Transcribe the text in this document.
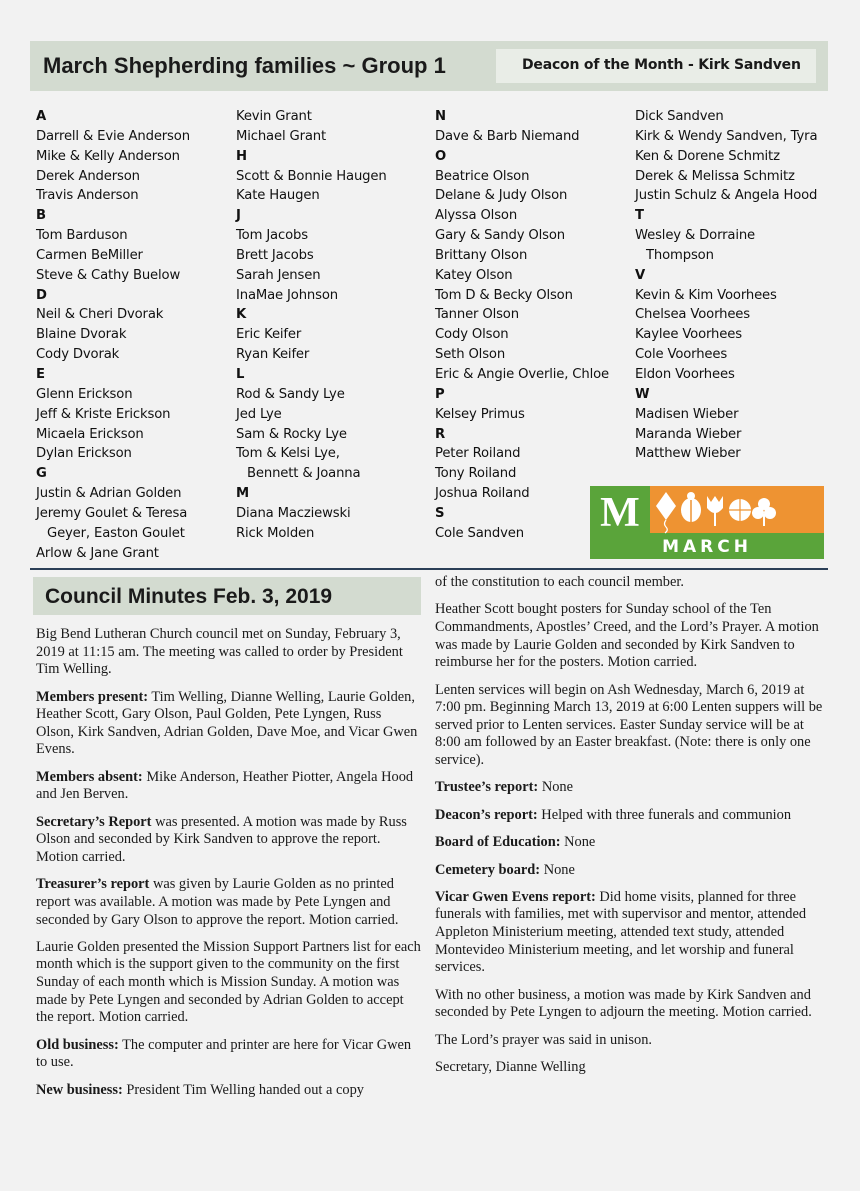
March Shepherding families ~ Group 1	Deacon of the Month - Kirk Sandven
A
Darrell & Evie Anderson
Mike & Kelly Anderson
Derek Anderson
Travis Anderson
B
Tom Barduson
Carmen BeMiller
Steve & Cathy Buelow
D
Neil & Cheri Dvorak
Blaine Dvorak
Cody Dvorak
E
Glenn Erickson
Jeff & Kriste Erickson
Micaela Erickson
Dylan Erickson
G
Justin & Adrian Golden
Jeremy Goulet & Teresa
Geyer, Easton Goulet
Arlow & Jane Grant
Kevin Grant
Michael Grant
H
Scott & Bonnie Haugen
Kate Haugen
J
Tom Jacobs
Brett Jacobs
Sarah Jensen
InaMae Johnson
K
Eric Keifer
Ryan Keifer
L
Rod & Sandy Lye
Jed Lye
Sam & Rocky Lye
Tom & Kelsi Lye,
Bennett & Joanna
M
Diana Macziewski
Rick Molden
N
Dave & Barb Niemand
O
Beatrice Olson
Delane & Judy Olson
Alyssa Olson
Gary & Sandy Olson
Brittany Olson
Katey Olson
Tom D & Becky Olson
Tanner Olson
Cody Olson
Seth Olson
Eric & Angie Overlie, Chloe
P
Kelsey Primus
R
Peter Roiland
Tony Roiland
Joshua Roiland
S
Cole Sandven
Dick Sandven
Kirk & Wendy Sandven, Tyra
Ken & Dorene Schmitz
Derek & Melissa Schmitz
Justin Schulz & Angela Hood
T
Wesley & Dorraine
Thompson
V
Kevin & Kim Voorhees
Chelsea Voorhees
Kaylee Voorhees
Cole Voorhees
Eldon Voorhees
W
Madisen Wieber
Maranda Wieber
Matthew Wieber
M
MARCH
Council Minutes Feb. 3, 2019

Big Bend Lutheran Church council met on Sunday, February 3, 2019 at 11:15 am. The meeting was called to order by President Tim Welling.

Members present: Tim Welling, Dianne Welling, Laurie Golden, Heather Scott, Gary Olson, Paul Golden, Pete Lyngen, Russ Olson, Kirk Sandven, Adrian Golden, Dave Moe, and Vicar Gwen Evens.

Members absent: Mike Anderson, Heather Piotter, Angela Hood and Jen Berven.

Secretary’s Report was presented. A motion was made by Russ Olson and seconded by Kirk Sandven to approve the report. Motion carried.

Treasurer’s report was given by Laurie Golden as no printed report was available. A motion was made by Pete Lyngen and seconded by Gary Olson to approve the report. Motion carried.

Laurie Golden presented the Mission Support Partners list for each month which is the support given to the community on the first Sunday of each month which is Mission Sunday. A motion was made by Pete Lyngen and seconded by Adrian Golden to accept the report. Motion carried.

Old business: The computer and printer are here for Vicar Gwen to use.

New business: President Tim Welling handed out a copy

of the constitution to each council member.

Heather Scott bought posters for Sunday school of the Ten Commandments, Apostles’ Creed, and the Lord’s Prayer. A motion was made by Laurie Golden and seconded by Kirk Sandven to reimburse her for the posters. Motion carried.

Lenten services will begin on Ash Wednesday, March 6, 2019 at 7:00 pm. Beginning March 13, 2019 at 6:00 Lenten suppers will be served prior to Lenten services. Easter Sunday service will be at 8:00 am followed by an Easter breakfast. (Note: there is only one service).

Trustee’s report: None

Deacon’s report: Helped with three funerals and communion

Board of Education: None

Cemetery board: None

Vicar Gwen Evens report: Did home visits, planned for three funerals with families, met with supervisor and mentor, attended Appleton Ministerium meeting, attended text study, attended Montevideo Ministerium meeting, and let worship and funeral services.

With no other business, a motion was made by Kirk Sandven and seconded by Pete Lyngen to adjourn the meeting. Motion carried.

The Lord’s prayer was said in unison.

Secretary, Dianne Welling
